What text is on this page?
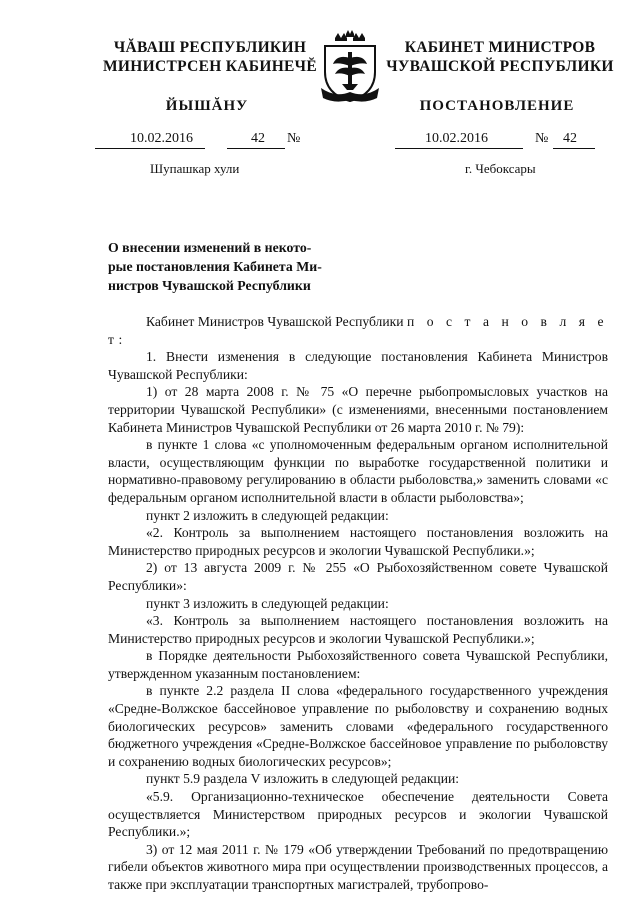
ЧĂВАШ РЕСПУБЛИКИН
МИНИСТРСЕН КАБИНЕЧĔ
КАБИНЕТ МИНИСТРОВ
ЧУВАШСКОЙ РЕСПУБЛИКИ
ЙЫШĂНУ	ПОСТАНОВЛЕНИЕ
10.02.2016	42 №	10.02.2016	№ 42
Шупашкар хули	г. Чебоксары
О внесении изменений в некото-
рые постановления Кабинета Ми-
нистров Чувашской Республики

Кабинет Министров Чувашской Республики п о с т а н о в л я е т:

1. Внести изменения в следующие постановления Кабинета Министров Чувашской Республики:

1) от 28 марта 2008 г. № 75 «О перечне рыбопромысловых участков на территории Чувашской Республики» (с изменениями, внесенными постановлением Кабинета Министров Чувашской Республики от 26 марта 2010 г. № 79):

в пункте 1 слова «с уполномоченным федеральным органом исполнительной власти, осуществляющим функции по выработке государственной политики и нормативно-правовому регулированию в области рыболовства,» заменить словами «с федеральным органом исполнительной власти в области рыболовства»;

пункт 2 изложить в следующей редакции:

«2. Контроль за выполнением настоящего постановления возложить на Министерство природных ресурсов и экологии Чувашской Республики.»;

2) от 13 августа 2009 г. № 255 «О Рыбохозяйственном совете Чувашской Республики»:

пункт 3 изложить в следующей редакции:

«3. Контроль за выполнением настоящего постановления возложить на Министерство природных ресурсов и экологии Чувашской Республики.»;

в Порядке деятельности Рыбохозяйственного совета Чувашской Республики, утвержденном указанным постановлением:

в пункте 2.2 раздела II слова «федерального государственного учреждения «Средне-Волжское бассейновое управление по рыболовству и сохранению водных биологических ресурсов» заменить словами «федерального государственного бюджетного учреждения «Средне-Волжское бассейновое управление по рыболовству и сохранению водных биологических ресурсов»;

пункт 5.9 раздела V изложить в следующей редакции:

«5.9. Организационно-техническое обеспечение деятельности Совета осуществляется Министерством природных ресурсов и экологии Чувашской Республики.»;

3) от 12 мая 2011 г. № 179 «Об утверждении Требований по предотвращению гибели объектов животного мира при осуществлении производственных процессов, а также при эксплуатации транспортных магистралей, трубопрово-
